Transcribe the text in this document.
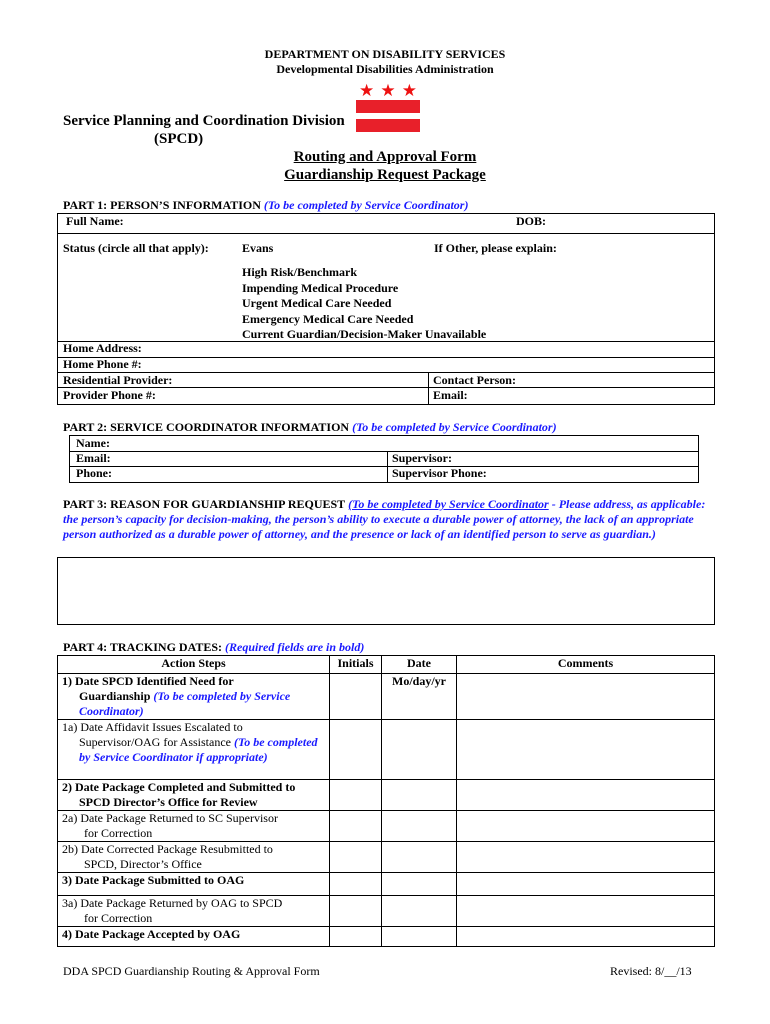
DEPARTMENT ON DISABILITY SERVICES
Developmental Disabilities Administration
★ ★ ★
Service Planning and Coordination Division
(SPCD)
Routing and Approval Form
Guardianship Request Package
PART 1: PERSON’S INFORMATION (To be completed by Service Coordinator)
Full Name:	DOB:
Status (circle all that apply):	Evans	If Other, please explain:
High Risk/Benchmark
Impending Medical Procedure
Urgent Medical Care Needed
Emergency Medical Care Needed
Current Guardian/Decision-Maker Unavailable
Home Address:
Home Phone #:
Residential Provider:	Contact Person:
Provider Phone #:	Email:
PART 2: SERVICE COORDINATOR INFORMATION (To be completed by Service Coordinator)
Name:
Email:	Supervisor:
Phone:	Supervisor Phone:
PART 3: REASON FOR GUARDIANSHIP REQUEST (To be completed by Service Coordinator - Please address, as applicable: the person’s capacity for decision-making, the person’s ability to execute a durable power of attorney, the lack of an appropriate person authorized as a durable power of attorney, and the presence or lack of an identified person to serve as guardian.)
PART 4: TRACKING DATES: (Required fields are in bold)
Action Steps	Initials	Date	Comments

1) Date SPCD Identified Need for
Guardianship (To be completed by Service Coordinator)		Mo/day/yr	

1a) Date Affidavit Issues Escalated to
Supervisor/OAG for Assistance (To be completed by Service Coordinator if appropriate)			

2) Date Package Completed and Submitted to
SPCD Director’s Office for Review			

2a) Date Package Returned to SC Supervisor
for Correction			

2b) Date Corrected Package Resubmitted to
SPCD, Director’s Office			

3) Date Package Submitted to OAG			

3a) Date Package Returned by OAG to SPCD
for Correction			

4) Date Package Accepted by OAG			

DDA SPCD Guardianship Routing & Approval Form	Revised: 8/__/13
